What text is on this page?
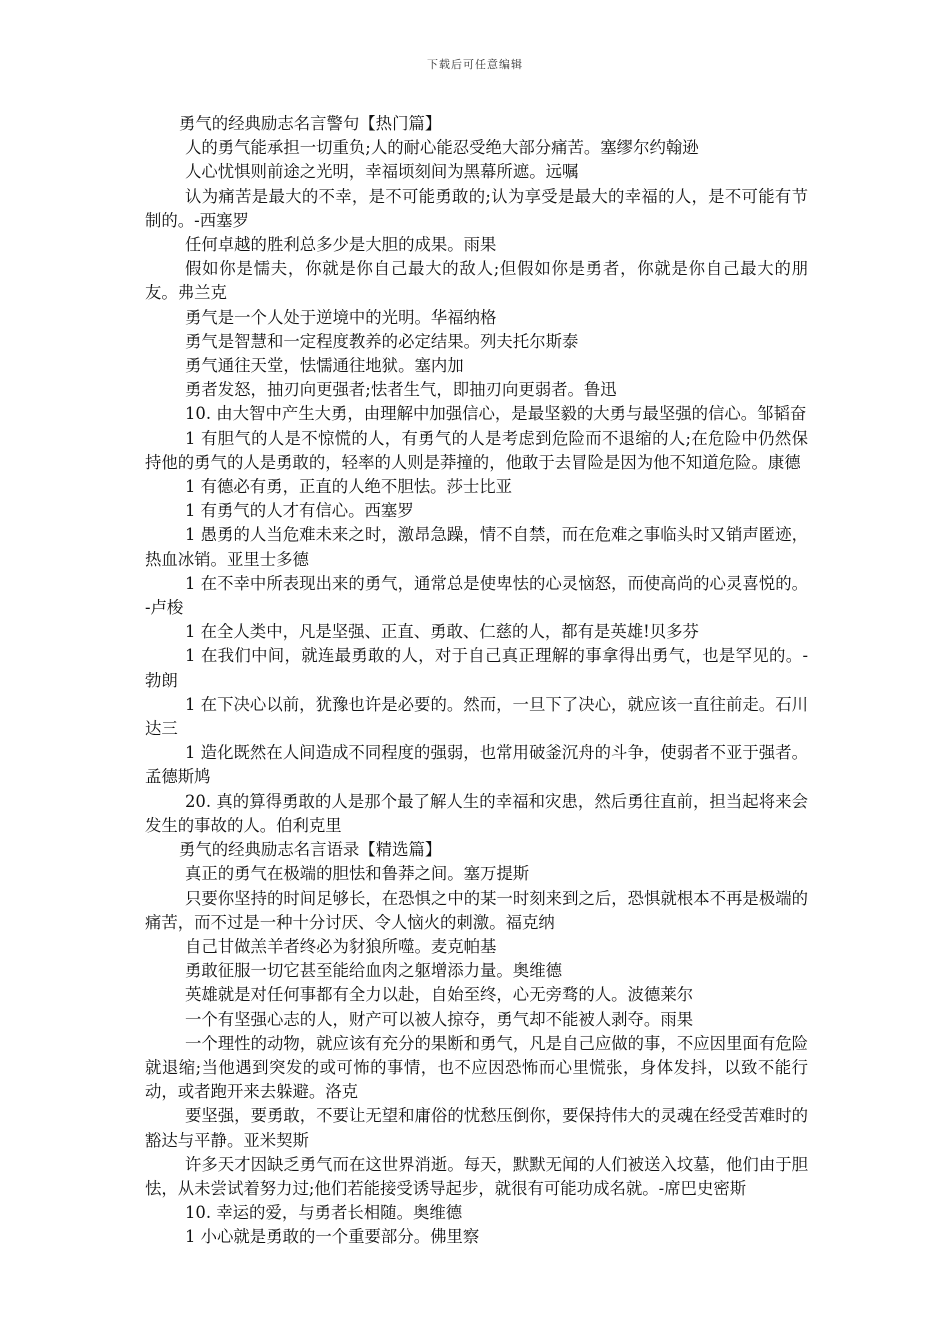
下载后可任意编辑

勇气的经典励志名言警句【热门篇】

人的勇气能承担一切重负;人的耐心能忍受绝大部分痛苦。塞缪尔约翰逊

人心忧惧则前途之光明，幸福顷刻间为黑幕所遮。远嘱

认为痛苦是最大的不幸，是不可能勇敢的;认为享受是最大的幸福的人，是不可能有节制的。-西塞罗

任何卓越的胜利总多少是大胆的成果。雨果

假如你是懦夫，你就是你自己最大的敌人;但假如你是勇者，你就是你自己最大的朋友。弗兰克

勇气是一个人处于逆境中的光明。华福纳格

勇气是智慧和一定程度教养的必定结果。列夫托尔斯泰

勇气通往天堂，怯懦通往地狱。塞内加

勇者发怒，抽刃向更强者;怯者生气，即抽刃向更弱者。鲁迅

10. 由大智中产生大勇，由理解中加强信心，是最坚毅的大勇与最坚强的信心。邹韬奋

1 有胆气的人是不惊慌的人，有勇气的人是考虑到危险而不退缩的人;在危险中仍然保持他的勇气的人是勇敢的，轻率的人则是莽撞的，他敢于去冒险是因为他不知道危险。康德

1 有德必有勇，正直的人绝不胆怯。莎士比亚

1 有勇气的人才有信心。西塞罗

1 愚勇的人当危难未来之时，激昂急躁，情不自禁，而在危难之事临头时又销声匿迹，热血冰销。亚里士多德

1 在不幸中所表现出来的勇气，通常总是使卑怯的心灵恼怒，而使高尚的心灵喜悦的。-卢梭

1 在全人类中，凡是坚强、正直、勇敢、仁慈的人，都有是英雄!贝多芬

1 在我们中间，就连最勇敢的人，对于自己真正理解的事拿得出勇气，也是罕见的。-勃朗

1 在下决心以前，犹豫也许是必要的。然而，一旦下了决心，就应该一直往前走。石川达三

1 造化既然在人间造成不同程度的强弱，也常用破釜沉舟的斗争，使弱者不亚于强者。孟德斯鸠

20. 真的算得勇敢的人是那个最了解人生的幸福和灾患，然后勇往直前，担当起将来会发生的事故的人。伯利克里

勇气的经典励志名言语录【精选篇】

真正的勇气在极端的胆怯和鲁莽之间。塞万提斯

只要你坚持的时间足够长，在恐惧之中的某一时刻来到之后，恐惧就根本不再是极端的痛苦，而不过是一种十分讨厌、令人恼火的刺激。福克纳

自己甘做羔羊者终必为豺狼所噬。麦克帕基

勇敢征服一切它甚至能给血肉之躯增添力量。奥维德

英雄就是对任何事都有全力以赴，自始至终，心无旁骛的人。波德莱尔

一个有坚强心志的人，财产可以被人掠夺，勇气却不能被人剥夺。雨果

一个理性的动物，就应该有充分的果断和勇气，凡是自己应做的事，不应因里面有危险就退缩;当他遇到突发的或可怖的事情，也不应因恐怖而心里慌张，身体发抖，以致不能行动，或者跑开来去躲避。洛克

要坚强，要勇敢，不要让无望和庸俗的忧愁压倒你，要保持伟大的灵魂在经受苦难时的豁达与平静。亚米契斯

许多天才因缺乏勇气而在这世界消逝。每天，默默无闻的人们被送入坟墓，他们由于胆怯，从未尝试着努力过;他们若能接受诱导起步，就很有可能功成名就。-席巴史密斯

10. 幸运的爱，与勇者长相随。奥维德

1 小心就是勇敢的一个重要部分。佛里察
